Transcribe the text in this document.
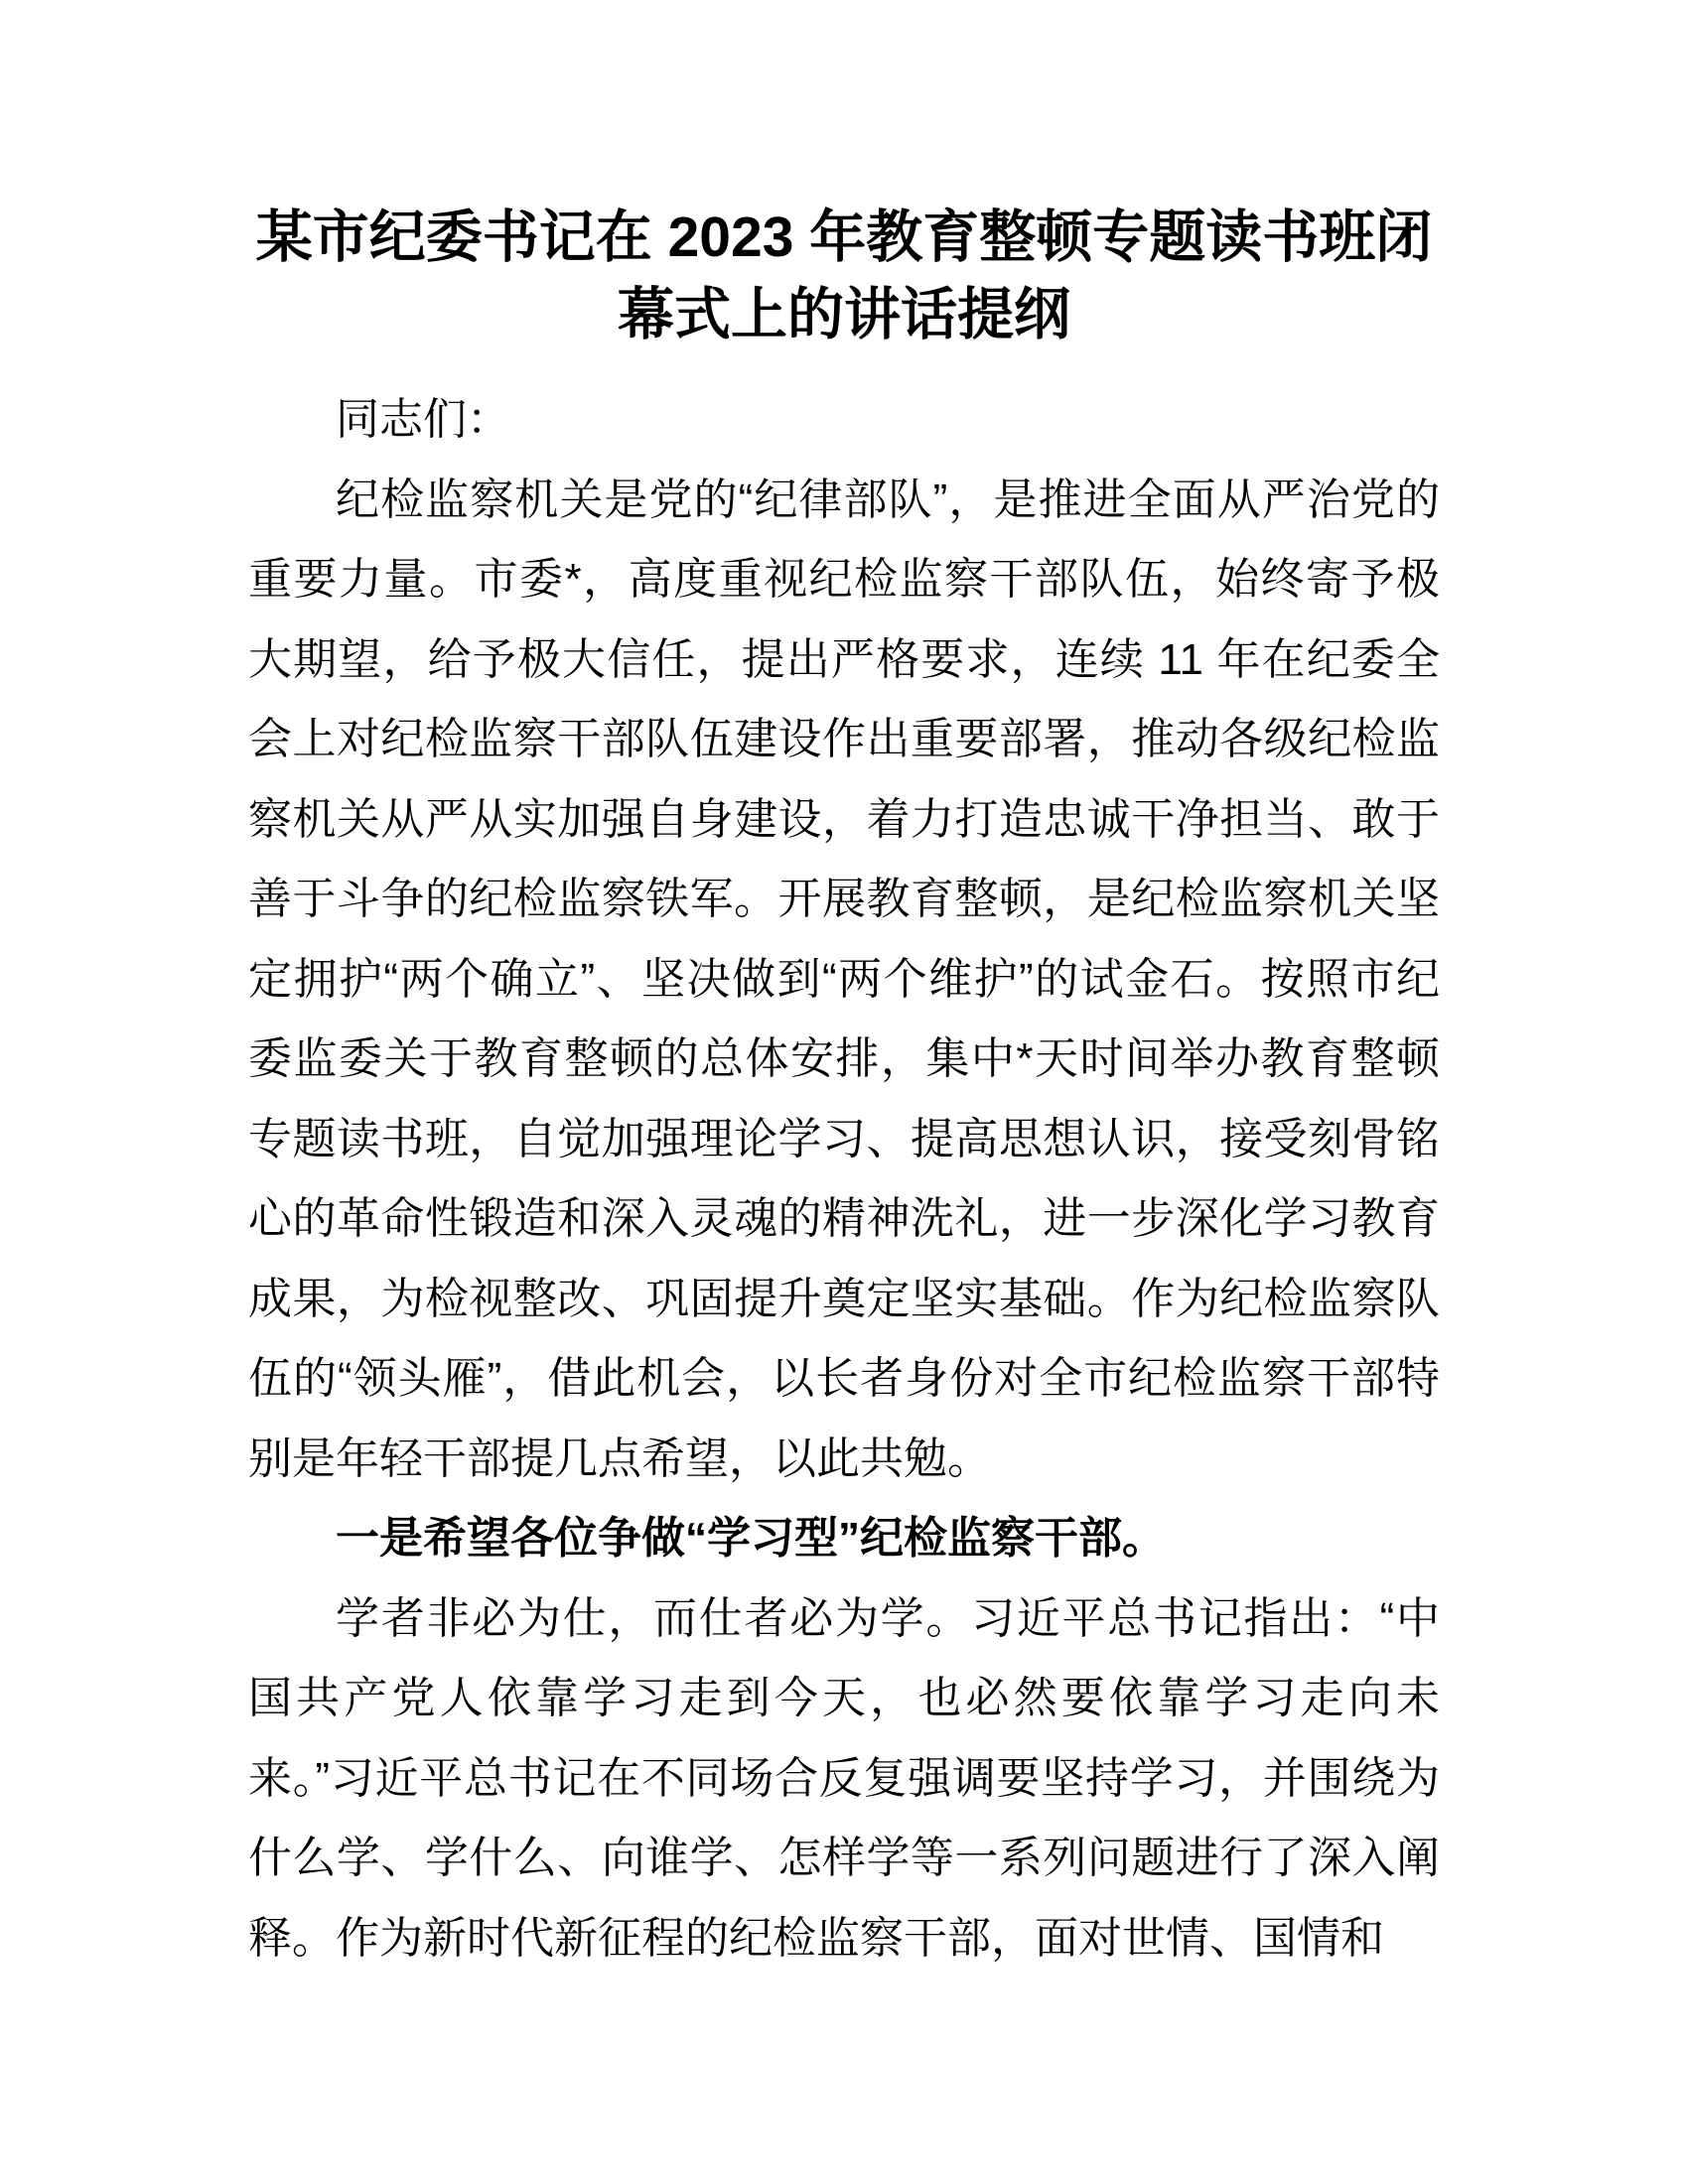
某市纪委书记在 2023 年教育整顿专题读书班闭幕式上的讲话提纲

同志们：

纪检监察机关是党的“纪律部队”，是推进全面从严治党的重要力量。市委*，高度重视纪检监察干部队伍，始终寄予极大期望，给予极大信任，提出严格要求，连续 11 年在纪委全会上对纪检监察干部队伍建设作出重要部署，推动各级纪检监察机关从严从实加强自身建设，着力打造忠诚干净担当、敢于善于斗争的纪检监察铁军。开展教育整顿，是纪检监察机关坚定拥护“两个确立”、坚决做到“两个维护”的试金石。按照市纪委监委关于教育整顿的总体安排，集中*天时间举办教育整顿专题读书班，自觉加强理论学习、提高思想认识，接受刻骨铭心的革命性锻造和深入灵魂的精神洗礼，进一步深化学习教育成果，为检视整改、巩固提升奠定坚实基础。作为纪检监察队伍的“领头雁”，借此机会，以长者身份对全市纪检监察干部特别是年轻干部提几点希望，以此共勉。

一是希望各位争做“学习型”纪检监察干部。

学者非必为仕，而仕者必为学。习近平总书记指出：“中国共产党人依靠学习走到今天，也必然要依靠学习走向未来。”习近平总书记在不同场合反复强调要坚持学习，并围绕为什么学、学什么、向谁学、怎样学等一系列问题进行了深入阐释。作为新时代新征程的纪检监察干部，面对世情、国情和
